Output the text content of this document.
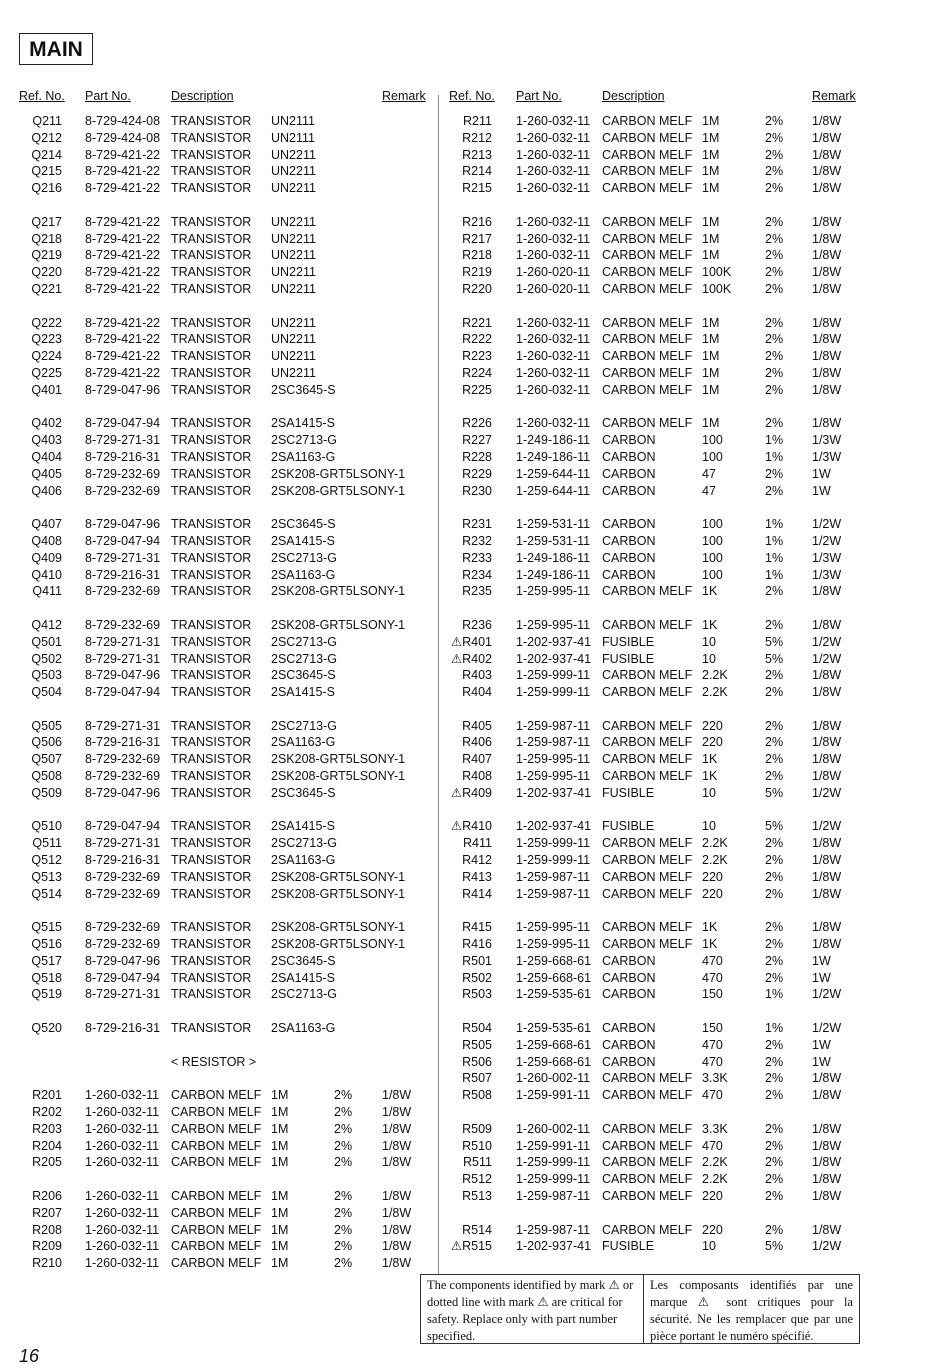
MAIN
Ref. No. Part No.	Description	Remark Ref. No. Part No.	Description	Remark
Q211 8-729-424-08 TRANSISTOR UN2111
Q212 8-729-424-08 TRANSISTOR UN2111
Q214 8-729-421-22 TRANSISTOR UN2211
Q215 8-729-421-22 TRANSISTOR UN2211
Q216 8-729-421-22 TRANSISTOR UN2211
Q217 8-729-421-22 TRANSISTOR UN2211
Q218 8-729-421-22 TRANSISTOR UN2211
Q219 8-729-421-22 TRANSISTOR UN2211
Q220 8-729-421-22 TRANSISTOR UN2211
Q221 8-729-421-22 TRANSISTOR UN2211
Q222 8-729-421-22 TRANSISTOR UN2211
Q223 8-729-421-22 TRANSISTOR UN2211
Q224 8-729-421-22 TRANSISTOR UN2211
Q225 8-729-421-22 TRANSISTOR UN2211
Q401 8-729-047-96 TRANSISTOR 2SC3645-S
Q402 8-729-047-94 TRANSISTOR 2SA1415-S
Q403 8-729-271-31 TRANSISTOR 2SC2713-G
Q404 8-729-216-31 TRANSISTOR 2SA1163-G
Q405 8-729-232-69 TRANSISTOR 2SK208-GRT5LSONY-1
Q406 8-729-232-69 TRANSISTOR 2SK208-GRT5LSONY-1
Q407 8-729-047-96 TRANSISTOR 2SC3645-S
Q408 8-729-047-94 TRANSISTOR 2SA1415-S
Q409 8-729-271-31 TRANSISTOR 2SC2713-G
Q410 8-729-216-31 TRANSISTOR 2SA1163-G
Q411 8-729-232-69 TRANSISTOR 2SK208-GRT5LSONY-1
Q412 8-729-232-69 TRANSISTOR 2SK208-GRT5LSONY-1
Q501 8-729-271-31 TRANSISTOR 2SC2713-G
Q502 8-729-271-31 TRANSISTOR 2SC2713-G
Q503 8-729-047-96 TRANSISTOR 2SC3645-S
Q504 8-729-047-94 TRANSISTOR 2SA1415-S
Q505 8-729-271-31 TRANSISTOR 2SC2713-G
Q506 8-729-216-31 TRANSISTOR 2SA1163-G
Q507 8-729-232-69 TRANSISTOR 2SK208-GRT5LSONY-1
Q508 8-729-232-69 TRANSISTOR 2SK208-GRT5LSONY-1
Q509 8-729-047-96 TRANSISTOR 2SC3645-S
Q510 8-729-047-94 TRANSISTOR 2SA1415-S
Q511 8-729-271-31 TRANSISTOR 2SC2713-G
Q512 8-729-216-31 TRANSISTOR 2SA1163-G
Q513 8-729-232-69 TRANSISTOR 2SK208-GRT5LSONY-1
Q514 8-729-232-69 TRANSISTOR 2SK208-GRT5LSONY-1
Q515 8-729-232-69 TRANSISTOR 2SK208-GRT5LSONY-1
Q516 8-729-232-69 TRANSISTOR 2SK208-GRT5LSONY-1
Q517 8-729-047-96 TRANSISTOR 2SC3645-S
Q518 8-729-047-94 TRANSISTOR 2SA1415-S
Q519 8-729-271-31 TRANSISTOR 2SC2713-G
Q520 8-729-216-31 TRANSISTOR 2SA1163-G
< RESISTOR >
R201 1-260-032-11 CARBON MELF 1M	2% 1/8W
R202 1-260-032-11 CARBON MELF 1M	2% 1/8W
R203 1-260-032-11 CARBON MELF 1M	2% 1/8W
R204 1-260-032-11 CARBON MELF 1M	2% 1/8W
R205 1-260-032-11 CARBON MELF 1M	2% 1/8W
R206 1-260-032-11 CARBON MELF 1M	2% 1/8W
R207 1-260-032-11 CARBON MELF 1M	2% 1/8W
R208 1-260-032-11 CARBON MELF 1M	2% 1/8W
R209 1-260-032-11 CARBON MELF 1M	2% 1/8W
R210 1-260-032-11 CARBON MELF 1M	2% 1/8W
R211 1-260-032-11 CARBON MELF 1M	2% 1/8W
R212 1-260-032-11 CARBON MELF 1M	2% 1/8W
R213 1-260-032-11 CARBON MELF 1M	2% 1/8W
R214 1-260-032-11 CARBON MELF 1M	2% 1/8W
R215 1-260-032-11 CARBON MELF 1M	2% 1/8W
R216 1-260-032-11 CARBON MELF 1M	2% 1/8W
R217 1-260-032-11 CARBON MELF 1M	2% 1/8W
R218 1-260-032-11 CARBON MELF 1M	2% 1/8W
R219 1-260-020-11 CARBON MELF 100K	2% 1/8W
R220 1-260-020-11 CARBON MELF 100K	2% 1/8W
R221 1-260-032-11 CARBON MELF 1M	2% 1/8W
R222 1-260-032-11 CARBON MELF 1M	2% 1/8W
R223 1-260-032-11 CARBON MELF 1M	2% 1/8W
R224 1-260-032-11 CARBON MELF 1M	2% 1/8W
R225 1-260-032-11 CARBON MELF 1M	2% 1/8W
R226 1-260-032-11 CARBON MELF 1M	2% 1/8W
R227 1-249-186-11 CARBON	100	1% 1/3W
R228 1-249-186-11 CARBON	100	1% 1/3W
R229 1-259-644-11 CARBON	47	2% 1W
R230 1-259-644-11 CARBON	47	2% 1W
R231 1-259-531-11 CARBON	100	1% 1/2W
R232 1-259-531-11 CARBON	100	1% 1/2W
R233 1-249-186-11 CARBON	100	1% 1/3W
R234 1-249-186-11 CARBON	100	1% 1/3W
R235 1-259-995-11 CARBON MELF 1K	2% 1/8W
R236 1-259-995-11 CARBON MELF 1K	2% 1/8W
⚠R401 1-202-937-41 FUSIBLE	10	5% 1/2W
⚠R402 1-202-937-41 FUSIBLE	10	5% 1/2W
R403 1-259-999-11 CARBON MELF 2.2K	2% 1/8W
R404 1-259-999-11 CARBON MELF 2.2K	2% 1/8W
R405 1-259-987-11 CARBON MELF 220	2% 1/8W
R406 1-259-987-11 CARBON MELF 220	2% 1/8W
R407 1-259-995-11 CARBON MELF 1K	2% 1/8W
R408 1-259-995-11 CARBON MELF 1K	2% 1/8W
⚠R409 1-202-937-41 FUSIBLE	10	5% 1/2W
⚠R410 1-202-937-41 FUSIBLE	10	5% 1/2W
R411 1-259-999-11 CARBON MELF 2.2K	2% 1/8W
R412 1-259-999-11 CARBON MELF 2.2K	2% 1/8W
R413 1-259-987-11 CARBON MELF 220	2% 1/8W
R414 1-259-987-11 CARBON MELF 220	2% 1/8W
R415 1-259-995-11 CARBON MELF 1K	2% 1/8W
R416 1-259-995-11 CARBON MELF 1K	2% 1/8W
R501 1-259-668-61 CARBON	470	2% 1W
R502 1-259-668-61 CARBON	470	2% 1W
R503 1-259-535-61 CARBON	150	1% 1/2W
R504 1-259-535-61 CARBON	150	1% 1/2W
R505 1-259-668-61 CARBON	470	2% 1W
R506 1-259-668-61 CARBON	470	2% 1W
R507 1-260-002-11 CARBON MELF 3.3K	2% 1/8W
R508 1-259-991-11 CARBON MELF 470	2% 1/8W
R509 1-260-002-11 CARBON MELF 3.3K	2% 1/8W
R510 1-259-991-11 CARBON MELF 470	2% 1/8W
R511 1-259-999-11 CARBON MELF 2.2K	2% 1/8W
R512 1-259-999-11 CARBON MELF 2.2K	2% 1/8W
R513 1-259-987-11 CARBON MELF 220	2% 1/8W
R514 1-259-987-11 CARBON MELF 220	2% 1/8W
⚠R515 1-202-937-41 FUSIBLE	10	5% 1/2W
The components identified by mark ⚠ or dotted line with mark ⚠ are critical for safety. Replace only with part number specified.
Les composants identifiés par une marque ⚠ sont critiques pour la sécurité. Ne les remplacer que par une pièce portant le numéro spécifié.
16
